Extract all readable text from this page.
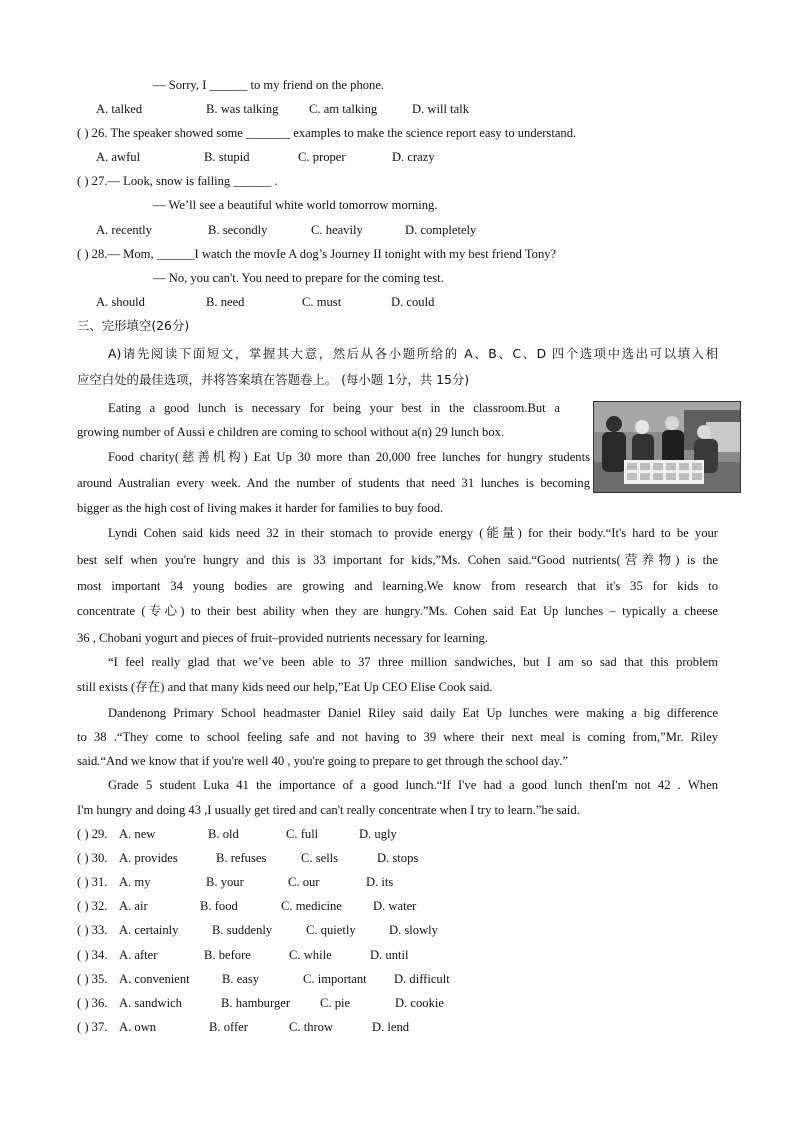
— Sorry, I ______ to my friend on the phone.
A. talked	B. was talking C. am talking	D. will talk
( ) 26. The speaker showed some _______ examples to make the science report easy to understand.
A. awful	B. stupid	C. proper	D. crazy
( ) 27.— Look, snow is falling ______ .
— We’ll see a beautiful white world tomorrow morning.
A. recently	B. secondly	C. heavily	D. completely
( ) 28.— Mom, ______I watch the movIe A dog’s Journey II tonight with my best friend Tony?
— No, you can't. You need to prepare for the coming test.
A. should	B. need	C. must	D. could
三、完形填空(26分)
A)请先阅读下面短文，掌握其大意，然后从各小题所给的 A、B、C、D 四个选项中选出可以填入相
应空白处的最佳选项，并将答案填在答题卷上。 (每小题 1分，共 15分)
Eating a good lunch is necessary for being your best in the classroom.But a
growing number of Aussi e children are coming to school without a(n) 29 lunch box.
Food charity(慈善机构) Eat Up 30 more than 20,000 free lunches for hungry students
around Australian every week. And the number of students that need 31 lunches is becoming
bigger as the high cost of living makes it harder for families to buy food.
Lyndi Cohen said kids need 32 in their stomach to provide energy (能量) for their body.“It's hard to be your
best self when you're hungry and this is 33 important for kids,”Ms. Cohen said.“Good nutrients(营养物) is the
most important 34 young bodies are growing and learning.We know from research that it's 35 for kids to
concentrate (专心) to their best ability when they are hungry.”Ms. Cohen said Eat Up lunches – typically a cheese
36 , Chobani yogurt and pieces of fruit–provided nutrients necessary for learning.
“I feel really glad that we’ve been able to 37 three million sandwiches, but I am so sad that this problem
still exists (存在) and that many kids need our help,”Eat Up CEO Elise Cook said.
Dandenong Primary School headmaster Daniel Riley said daily Eat Up lunches were making a big difference
to 38 .“They come to school feeling safe and not having to 39 where their next meal is coming from,”Mr. Riley
said.“And we know that if you're well 40 , you're going to prepare to get through the school day.”
Grade 5 student Luka 41 the importance of a good lunch.“If I've had a good lunch thenI'm not 42 . When
I'm hungry and doing 43 ,I usually get tired and can't really concentrate when I try to learn.”he said.
( ) 29. A. new	B. old	C. full	D. ugly
( ) 30. A. provides	B. refuses	C. sells	D. stops
( ) 31. A. my	B. your	C. our	D. its
( ) 32. A. air	B. food	C. medicine D. water
( ) 33. A. certainly	B. suddenly	C. quietly	D. slowly
( ) 34. A. after	B. before	C. while	D. until
( ) 35. A. convenient	B. easy	C. important D. difficult
( ) 36. A. sandwich	B. hamburger C. pie	D. cookie
( ) 37. A. own	B. offer	C. throw	D. lend
